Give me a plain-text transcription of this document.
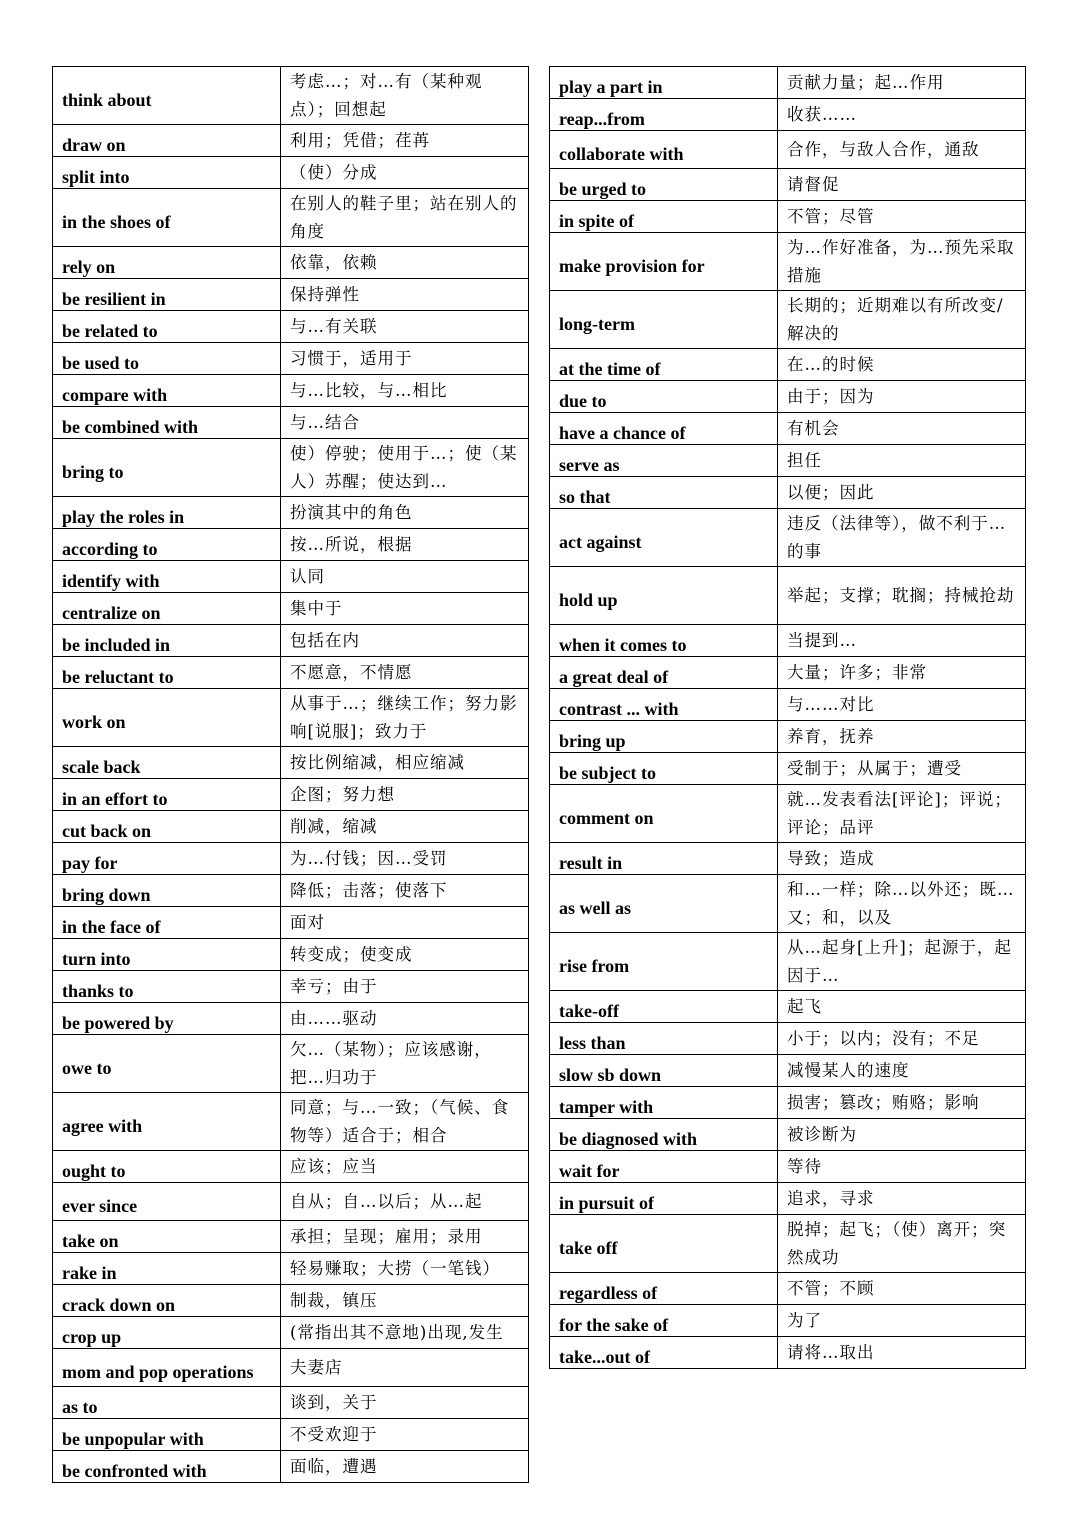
think about	考虑…；对…有（某种观点）；回想起
draw on	利用；凭借；荏苒
split into	（使）分成
in the shoes of	在别人的鞋子里；站在别人的角度
rely on	依靠，依赖
be resilient in	保持弹性
be related to	与…有关联
be used to	习惯于，适用于
compare with	与…比较，与…相比
be combined with	与…结合
bring to	使）停驶；使用于…；使（某人）苏醒；使达到…
play the roles in	扮演其中的角色
according to	按…所说，根据
identify with	认同
centralize on	集中于
be included in	包括在内
be reluctant to	不愿意，不情愿
work on	从事于…；继续工作；努力影响[说服]；致力于
scale back	按比例缩减，相应缩减
in an effort to	企图；努力想
cut back on	削减，缩减
pay for	为…付钱；因…受罚
bring down	降低；击落；使落下
in the face of	面对
turn into	转变成；使变成
thanks to	幸亏；由于
be powered by	由……驱动
owe to	欠…（某物）；应该感谢，把…归功于
agree with	同意；与…一致；（气候、食物等）适合于；相合
ought to	应该；应当
ever since	自从；自…以后；从…起
take on	承担；呈现；雇用；录用
rake in	轻易赚取；大捞（一笔钱）
crack down on	制裁，镇压
crop up	(常指出其不意地)出现,发生
mom and pop operations	夫妻店
as to	谈到，关于
be unpopular with	不受欢迎于
be confronted with	面临，遭遇
play a part in	贡献力量；起…作用
reap...from	收获……
collaborate with	合作，与敌人合作，通敌
be urged to	请督促
in spite of	不管；尽管
make provision for	为…作好准备，为…预先采取措施
long-term	长期的；近期难以有所改变/解决的
at the time of	在…的时候
due to	由于；因为
have a chance of	有机会
serve as	担任
so that	以便；因此
act against	违反（法律等），做不利于…的事
hold up	举起；支撑；耽搁；持械抢劫
when it comes to	当提到…
a great deal of	大量；许多；非常
contrast ... with	与……对比
bring up	养育，抚养
be subject to	受制于；从属于；遭受
comment on	就…发表看法[评论]；评说；评论；品评
result in	导致；造成
as well as	和…一样；除…以外还；既…又；和，以及
rise from	从…起身[上升]；起源于，起因于…
take-off	起飞
less than	小于；以内；没有；不足
slow sb down	减慢某人的速度
tamper with	损害；篡改；贿赂；影响
be diagnosed with	被诊断为
wait for	等待
in pursuit of	追求，寻求
take off	脱掉；起飞；（使）离开；突然成功
regardless of	不管；不顾
for the sake of	为了
take...out of	请将…取出
